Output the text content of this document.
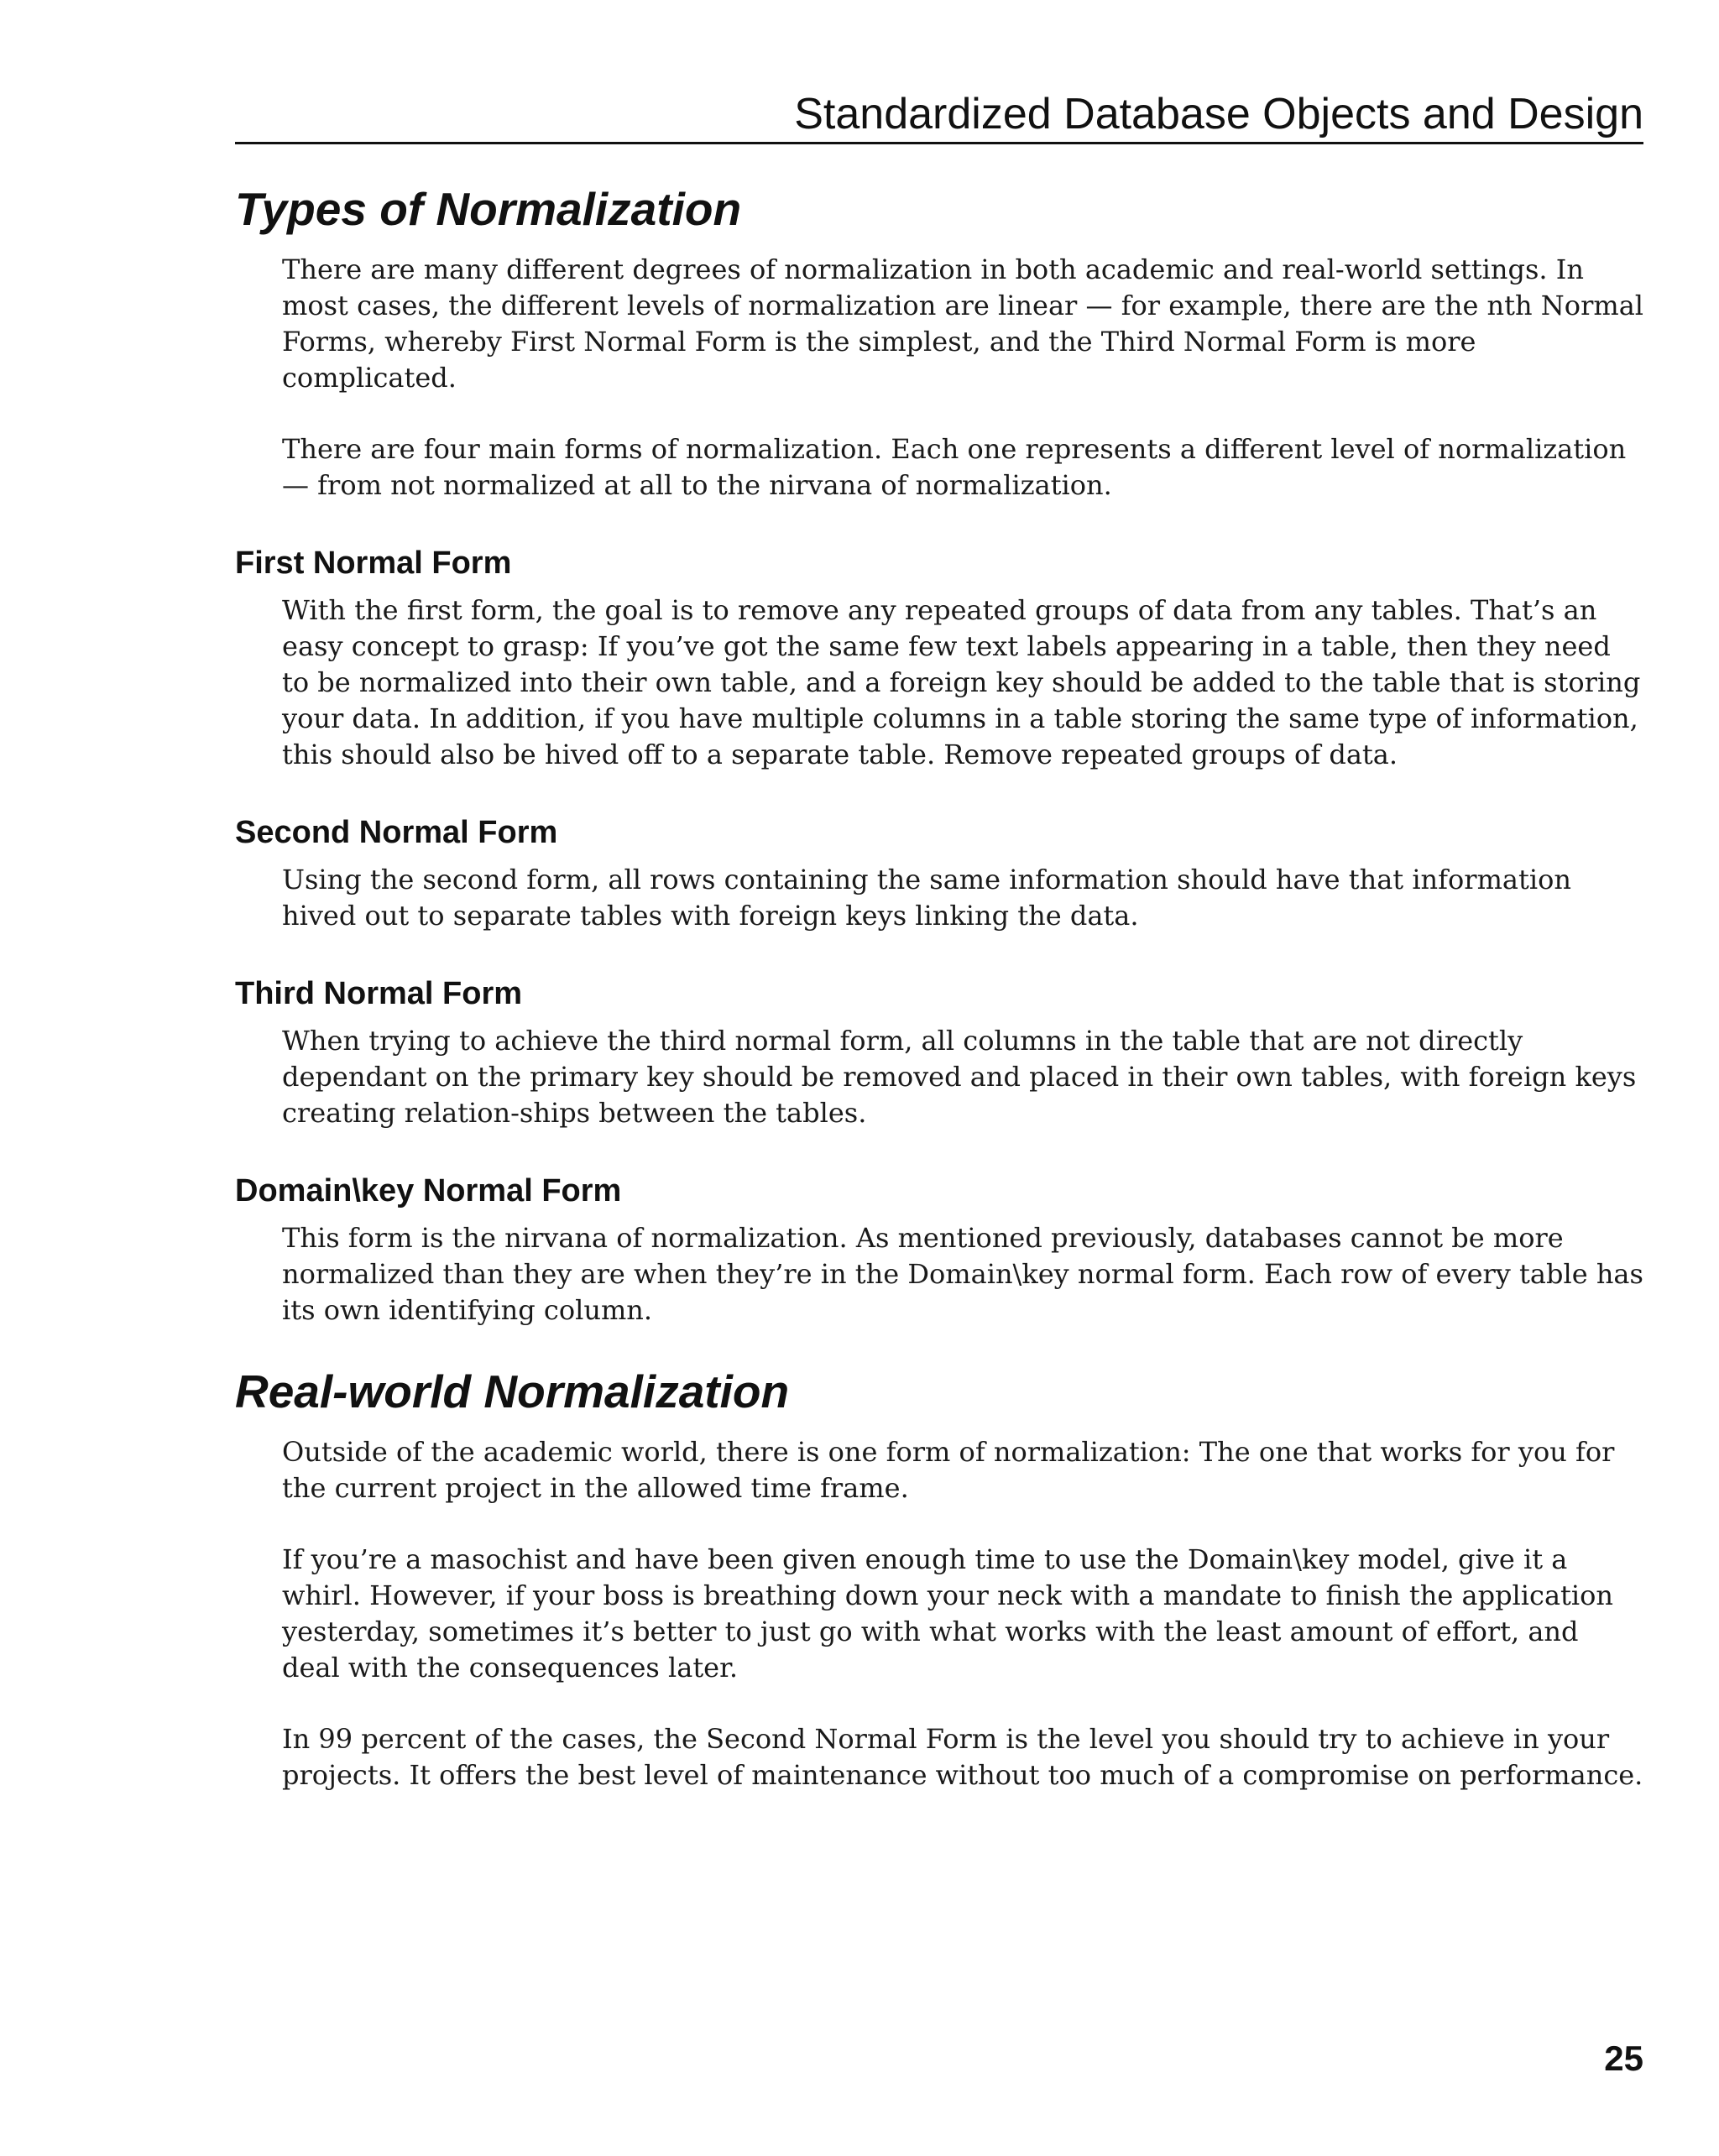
Standardized Database Objects and Design
Types of Normalization

There are many different degrees of normalization in both academic and real-world settings. In most cases, the different levels of normalization are linear — for example, there are the nth Normal Forms, whereby First Normal Form is the simplest, and the Third Normal Form is more complicated.

There are four main forms of normalization. Each one represents a different level of normalization — from not normalized at all to the nirvana of normalization.

First Normal Form

With the first form, the goal is to remove any repeated groups of data from any tables. That’s an easy concept to grasp: If you’ve got the same few text labels appearing in a table, then they need to be normalized into their own table, and a foreign key should be added to the table that is storing your data. In addition, if you have multiple columns in a table storing the same type of information, this should also be hived off to a separate table. Remove repeated groups of data.

Second Normal Form

Using the second form, all rows containing the same information should have that information hived out to separate tables with foreign keys linking the data.

Third Normal Form

When trying to achieve the third normal form, all columns in the table that are not directly dependant on the primary key should be removed and placed in their own tables, with foreign keys creating relation-ships between the tables.

Domain\key Normal Form

This form is the nirvana of normalization. As mentioned previously, databases cannot be more normalized than they are when they’re in the Domain\key normal form. Each row of every table has its own identifying column.

Real-world Normalization

Outside of the academic world, there is one form of normalization: The one that works for you for the current project in the allowed time frame.

If you’re a masochist and have been given enough time to use the Domain\key model, give it a whirl. However, if your boss is breathing down your neck with a mandate to finish the application yesterday, sometimes it’s better to just go with what works with the least amount of effort, and deal with the consequences later.

In 99 percent of the cases, the Second Normal Form is the level you should try to achieve in your projects. It offers the best level of maintenance without too much of a compromise on performance.

25
